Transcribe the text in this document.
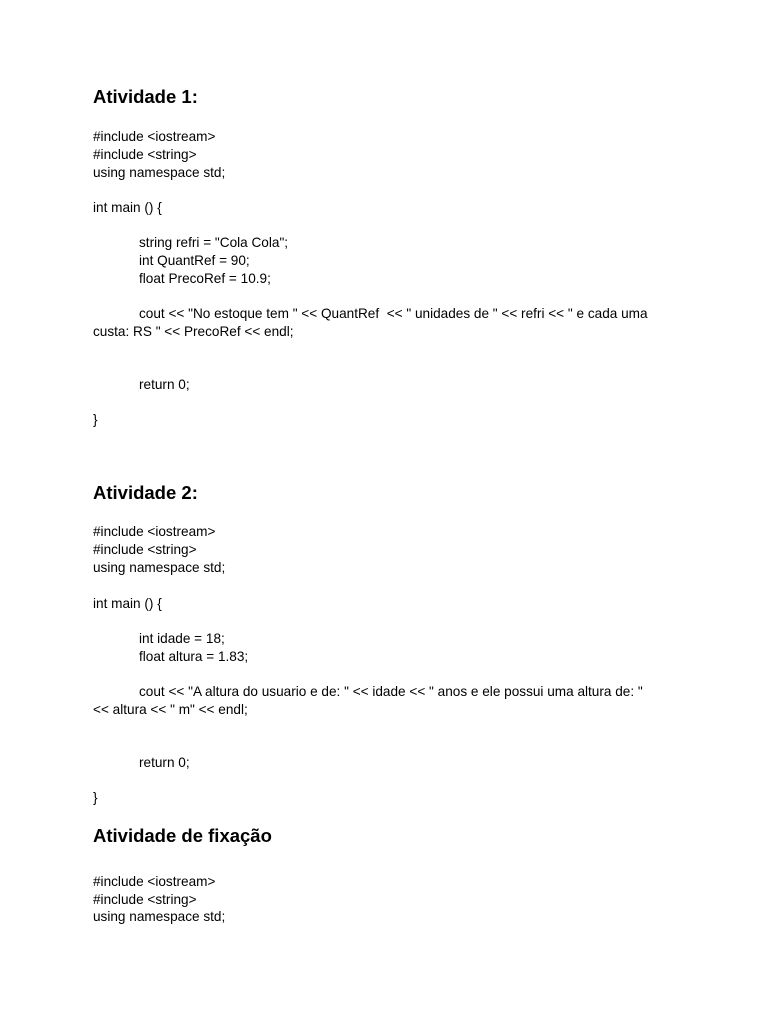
Atividade 1:
#include <iostream>
#include <string>
using namespace std;
int main () {
string refri = "Cola Cola";
int QuantRef = 90;
float PrecoRef = 10.9;
cout << "No estoque tem " << QuantRef  << " unidades de " << refri << " e cada uma
custa: RS " << PrecoRef << endl;
return 0;
}
Atividade 2:
#include <iostream>
#include <string>
using namespace std;
int main () {
int idade = 18;
float altura = 1.83;
cout << "A altura do usuario e de: " << idade << " anos e ele possui uma altura de: "
<< altura << " m" << endl;
return 0;
}
Atividade de fixação
#include <iostream>
#include <string>
using namespace std;
